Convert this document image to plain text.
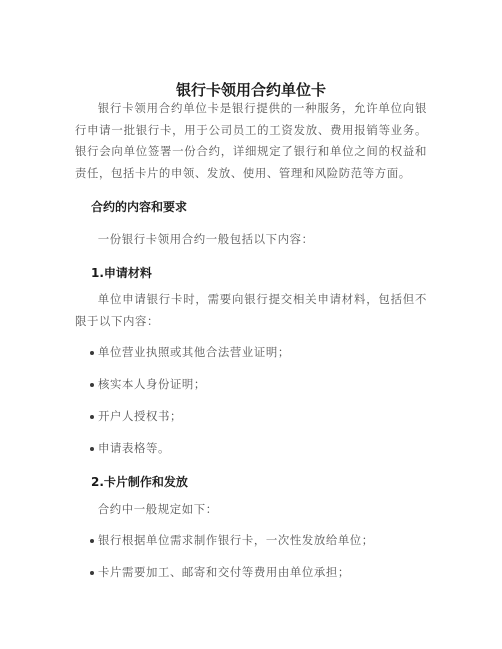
银行卡领用合约单位卡
银行卡领用合约单位卡是银行提供的一种服务，允许单位向银行申请一批银行卡，用于公司员工的工资发放、费用报销等业务。银行会向单位签署一份合约，详细规定了银行和单位之间的权益和责任，包括卡片的申领、发放、使用、管理和风险防范等方面。
合约的内容和要求
一份银行卡领用合约一般包括以下内容：
1.申请材料
单位申请银行卡时，需要向银行提交相关申请材料，包括但不限于以下内容：
单位营业执照或其他合法营业证明；
核实本人身份证明；
开户人授权书；
申请表格等。
2.卡片制作和发放
合约中一般规定如下：
银行根据单位需求制作银行卡，一次性发放给单位；
卡片需要加工、邮寄和交付等费用由单位承担；
